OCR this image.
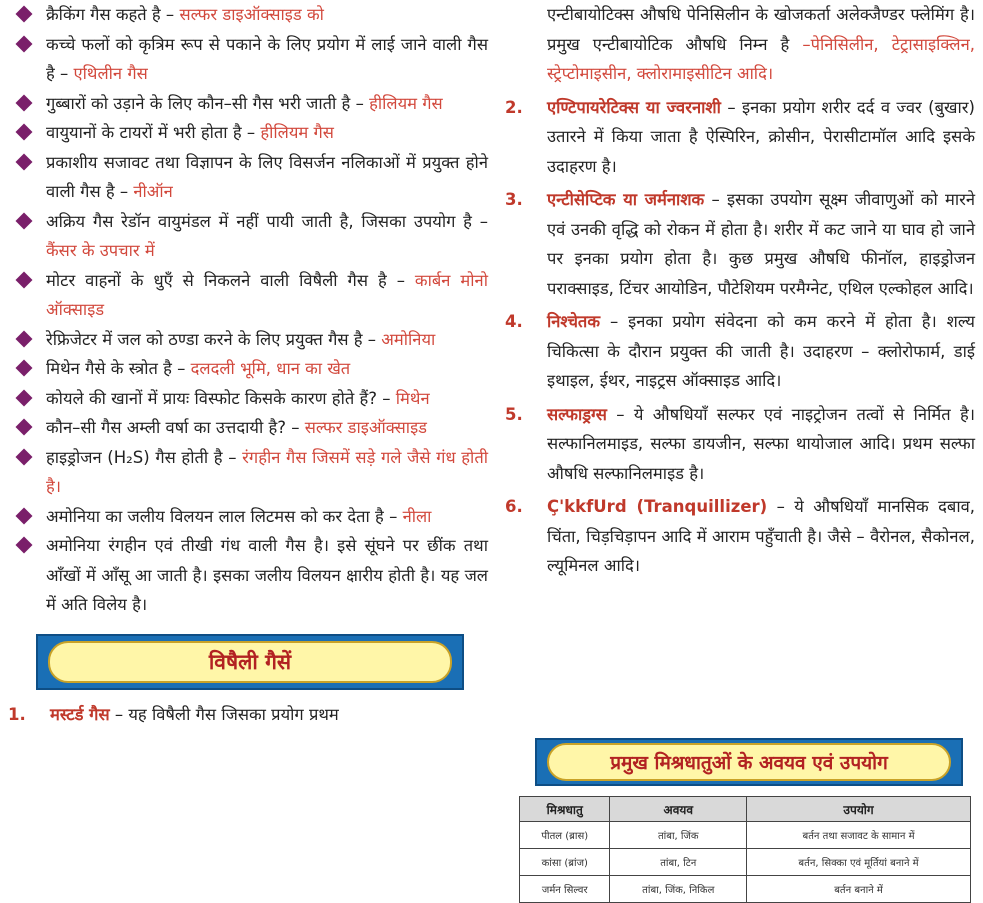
क्रैकिंग गैस कहते है – सल्फर डाइऑक्साइड को
कच्चे फलों को कृत्रिम रूप से पकाने के लिए प्रयोग में लाई जाने वाली गैस है – एथिलीन गैस
गुब्बारों को उड़ाने के लिए कौन–सी गैस भरी जाती है – हीलियम गैस
वायुयानों के टायरों में भरी होता है – हीलियम गैस
प्रकाशीय सजावट तथा विज्ञापन के लिए विसर्जन नलिकाओं में प्रयुक्त होने वाली गैस है – नीऑन
अक्रिय गैस रेडॉन वायुमंडल में नहीं पायी जाती है, जिसका उपयोग है – कैंसर के उपचार में
मोटर वाहनों के धुएँ से निकलने वाली विषैली गैस है – कार्बन मोनो ऑक्साइड
रेफ्रिजेटर में जल को ठण्डा करने के लिए प्रयुक्त गैस है – अमोनिया
मिथेन गैसे के स्त्रोत है – दलदली भूमि, धान का खेत
कोयले की खानों में प्रायः विस्फोट किसके कारण होते हैं? – मिथेन
कौन–सी गैस अम्ली वर्षा का उत्तदायी है? – सल्फर डाइऑक्साइड
हाइड्रोजन (H₂S) गैस होती है – रंगहीन गैस जिसमें सड़े गले जैसे गंध होती है।
अमोनिया का जलीय विलयन लाल लिटमस को कर देता है – नीला
अमोनिया रंगहीन एवं तीखी गंध वाली गैस है। इसे सूंघने पर छींक तथा आँखों में आँसू आ जाती है। इसका जलीय विलयन क्षारीय होती है। यह जल में अति विलेय है।
विषैली गैसें
1. मस्टर्ड गैस – यह विषैली गैस जिसका प्रयोग प्रथम
एन्टीबायोटिक्स औषधि पेनिसिलीन के खोजकर्ता अलेक्जैण्डर फ्लेमिंग है। प्रमुख एन्टीबायोटिक औषधि निम्न है –पेनिसिलीन, टेट्रासाइक्लिन, स्ट्रेप्टोमाइसीन, क्लोरामाइसीटिन आदि।
2. एण्टिपायरेटिक्स या ज्वरनाशी – इनका प्रयोग शरीर दर्द व ज्वर (बुखार) उतारने में किया जाता है ऐस्पिरिन, क्रोसीन, पेरासीटामॉल आदि इसके उदाहरण है।
3. एन्टीसेप्टिक या जर्मनाशक – इसका उपयोग सूक्ष्म जीवाणुओं को मारने एवं उनकी वृद्धि को रोकन में होता है। शरीर में कट जाने या घाव हो जाने पर इनका प्रयोग होता है। कुछ प्रमुख औषधि फीनॉल, हाइड्रोजन पराक्साइड, टिंचर आयोडिन, पौटेशियम परमैग्नेट, एथिल एल्कोहल आदि।
4. निश्चेतक – इनका प्रयोग संवेदना को कम करने में होता है। शल्य चिकित्सा के दौरान प्रयुक्त की जाती है। उदाहरण – क्लोरोफार्म, डाई इथाइल, ईथर, नाइट्रस ऑक्साइड आदि।
5. सल्फाड्रग्स – ये औषधियाँ सल्फर एवं नाइट्रोजन तत्वों से निर्मित है। सल्फानिलमाइड, सल्फा डायजीन, सल्फा थायोजाल आदि। प्रथम सल्फा औषधि सल्फानिलमाइड है।
6. Ç'kkfUrd (Tranquillizer) – ये औषधियाँ मानसिक दबाव, चिंता, चिड़चिड़ापन आदि में आराम पहुँचाती है। जैसे – वैरोनल, सैकोनल, ल्यूमिनल आदि।
प्रमुख मिश्रधातुओं के अवयव एवं उपयोग
मिश्रधातु	अवयव	उपयोग
पीतल (ब्रास)	तांबा, जिंक	बर्तन तथा सजावट के सामान में
कांसा (ब्रांज)	तांबा, टिन	बर्तन, सिक्का एवं मूर्तियां बनाने में
जर्मन सिल्वर	तांबा, जिंक, निकिल	बर्तन बनाने में
